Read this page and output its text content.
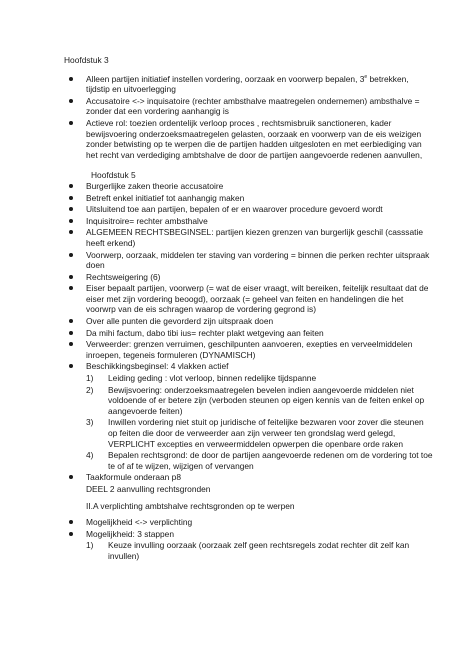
Hoofdstuk 3
Alleen partijen initiatief instellen vordering, oorzaak en voorwerp bepalen, 3e betrekken, tijdstip en uitvoerlegging
Accusatoire <-> inquisatoire (rechter ambsthalve maatregelen ondernemen) ambsthalve = zonder dat een vordering aanhangig is
Actieve rol: toezien ordentelijk verloop proces , rechtsmisbruik sanctioneren, kader bewijsvoering onderzoeksmaatregelen gelasten, oorzaak en voorwerp van de eis weizigen zonder betwisting op te werpen die de partijen hadden uitgesloten en met eerbiediging van het recht van verdediging ambtshalve de door de partijen aangevoerde redenen aanvullen,
Hoofdstuk 5
Burgerlijke zaken theorie accusatoire
Betreft enkel initiatief tot aanhangig maken
Uitsluitend toe aan partijen, bepalen of er en waarover procedure gevoerd wordt
Inquisitroire= rechter ambsthalve
ALGEMEEN RECHTSBEGINSEL: partijen kiezen grenzen van burgerlijk geschil (casssatie heeft erkend)
Voorwerp, oorzaak, middelen ter staving van vordering = binnen die perken rechter uitspraak doen
Rechtsweigering (6)
Eiser bepaalt partijen, voorwerp (= wat de eiser vraagt, wilt bereiken, feitelijk resultaat dat de eiser met zijn vordering beoogd), oorzaak (= geheel van feiten en handelingen die het voorwrp van de eis schragen waarop de vordering gegrond is)
Over alle punten die gevorderd zijn uitspraak doen
Da mihi factum, dabo tibi ius= rechter plakt wetgeving aan feiten
Verweerder: grenzen verruimen, geschilpunten aanvoeren, exepties en verveelmiddelen inroepen, tegeneis formuleren (DYNAMISCH)
Beschikkingsbeginsel: 4 vlakken actief
1) Leiding geding : vlot verloop, binnen redelijke tijdspanne
2) Bewijsvoering: onderzoeksmaatregelen bevelen indien aangevoerde middelen niet voldoende of er betere zijn (verboden steunen op eigen kennis van de feiten enkel op aangevoerde feiten)
3) Inwillen vordering niet stuit op juridische of feitelijke bezwaren voor zover die steunen op feiten die door de verweerder aan zijn verweer ten grondslag werd gelegd, VERPLICHT excepties en verweermiddelen opwerpen die openbare orde raken
4) Bepalen rechtsgrond: de door de partijen aangevoerde redenen om de vordering tot toe te of af te wijzen, wijzigen of vervangen
Taakformule onderaan p8
DEEL 2 aanvulling rechtsgronden
II.A verplichting ambtshalve rechtsgronden op te werpen
Mogelijkheid <-> verplichting
Mogelijkheid: 3 stappen
1) Keuze invulling oorzaak (oorzaak zelf geen rechtsregels zodat rechter dit zelf kan invullen)
